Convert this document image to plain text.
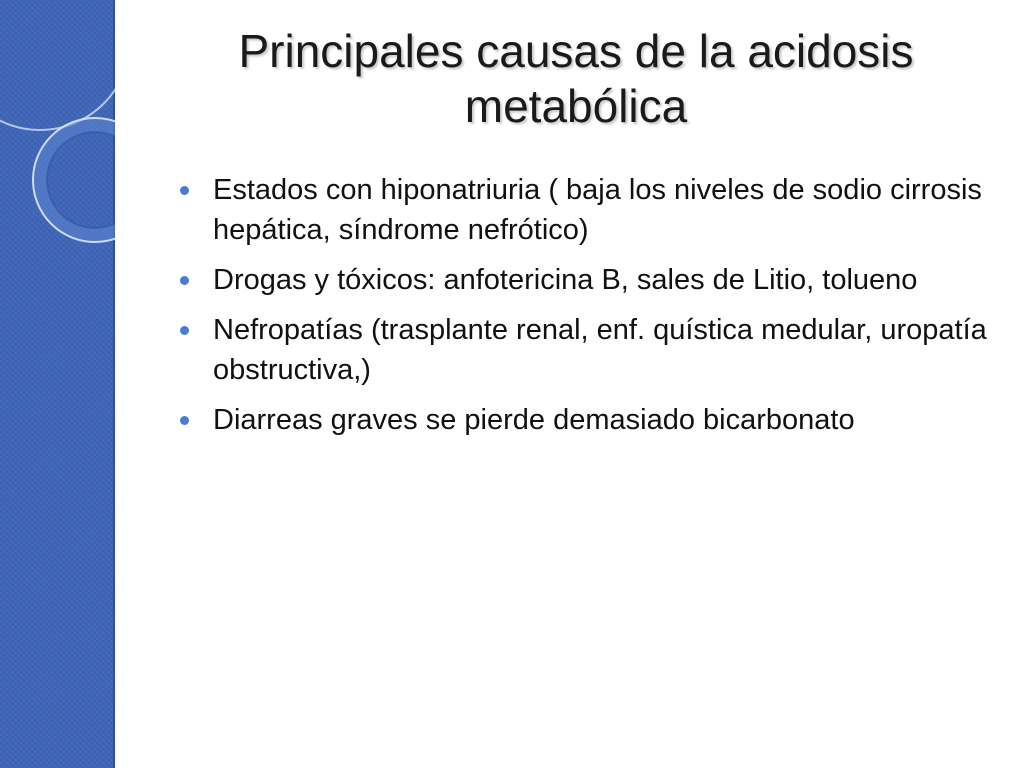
Principales causas de la acidosis metabólica
Estados con hiponatriuria ( baja los niveles de sodio cirrosis hepática, síndrome nefrótico)
Drogas y tóxicos: anfotericina B, sales de Litio, tolueno
Nefropatías (trasplante renal, enf. quística medular, uropatía obstructiva,)
Diarreas graves se pierde demasiado bicarbonato
